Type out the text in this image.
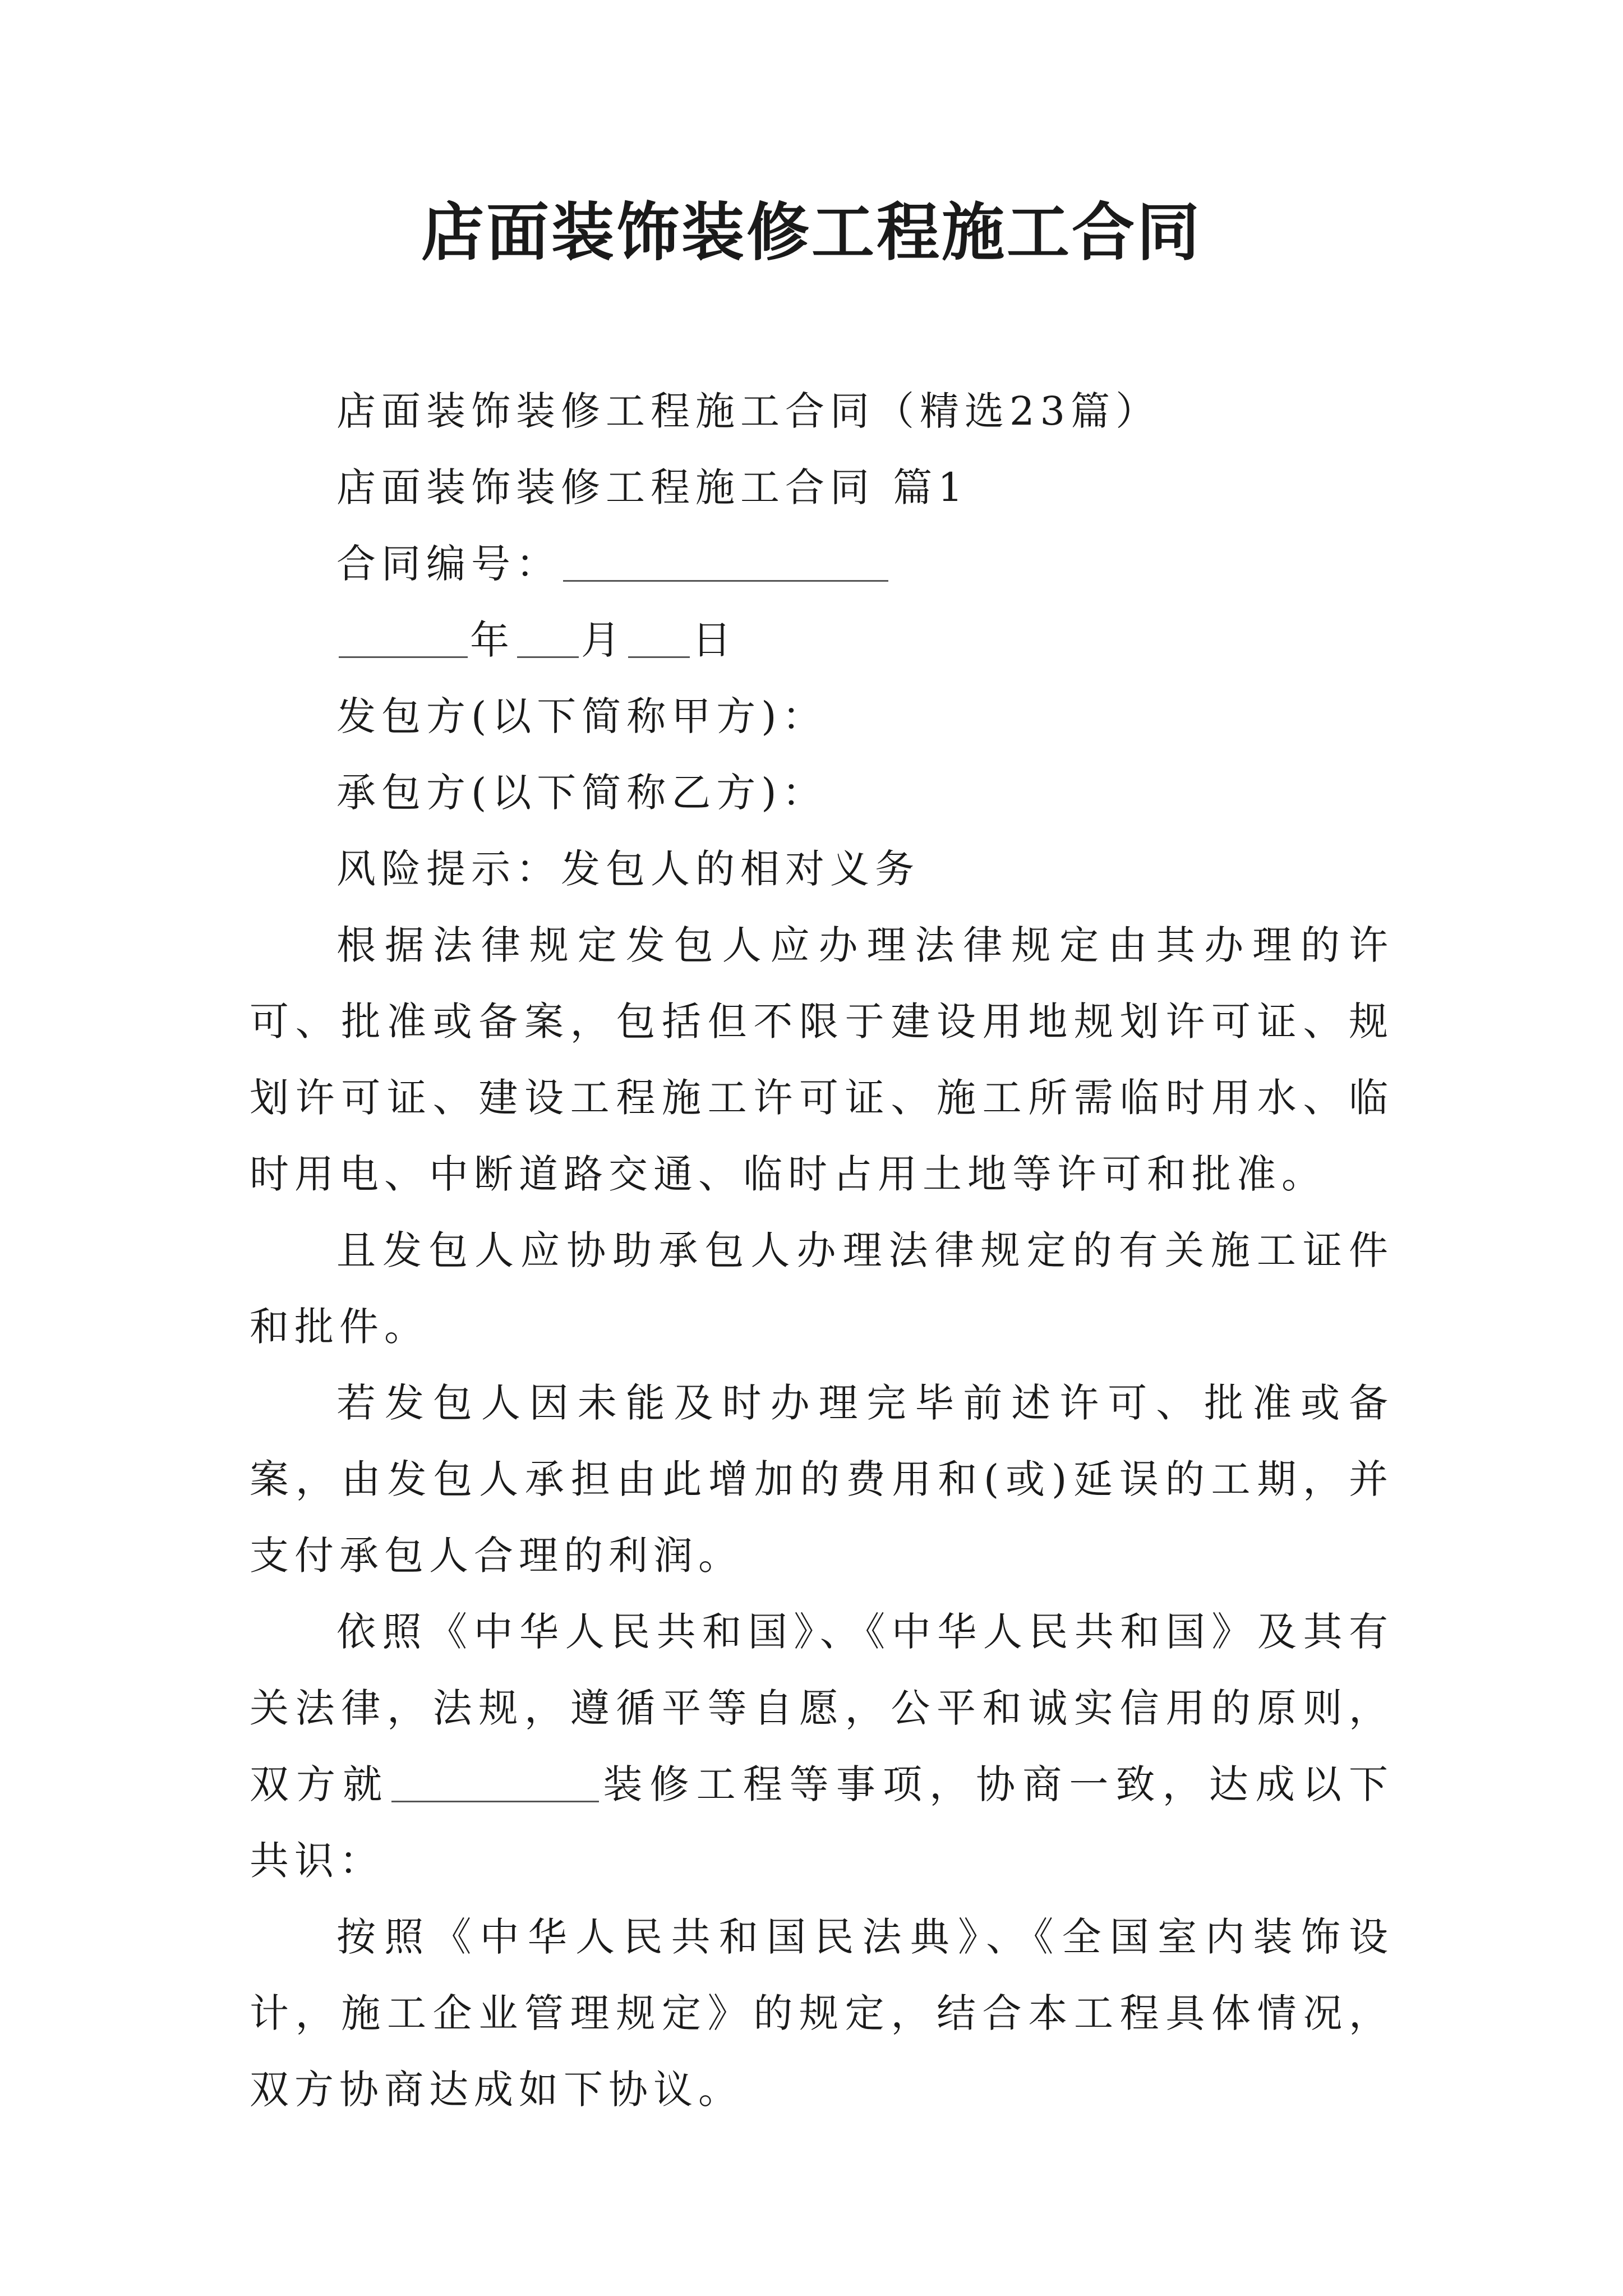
店面装饰装修工程施工合同

店面装饰装修工程施工合同（精选23篇）

店面装饰装修工程施工合同 篇1

合同编号：

年 月 日

发包方(以下简称甲方)：

承包方(以下简称乙方)：

风险提示：发包人的相对义务

根据法律规定发包人应办理法律规定由其办理的许可、批准或备案，包括但不限于建设用地规划许可证、规划许可证、建设工程施工许可证、施工所需临时用水、临时用电、中断道路交通、临时占用土地等许可和批准。

且发包人应协助承包人办理法律规定的有关施工证件和批件。

若发包人因未能及时办理完毕前述许可、批准或备案，由发包人承担由此增加的费用和(或)延误的工期，并支付承包人合理的利润。

依照《中华人民共和国》、《中华人民共和国》及其有关法律，法规，遵循平等自愿，公平和诚实信用的原则，双方就	装修工程等事项，协商一致，达成以下共识：

按照《中华人民共和国民法典》、《全国室内装饰设计，施工企业管理规定》的规定，结合本工程具体情况，双方协商达成如下协议。
